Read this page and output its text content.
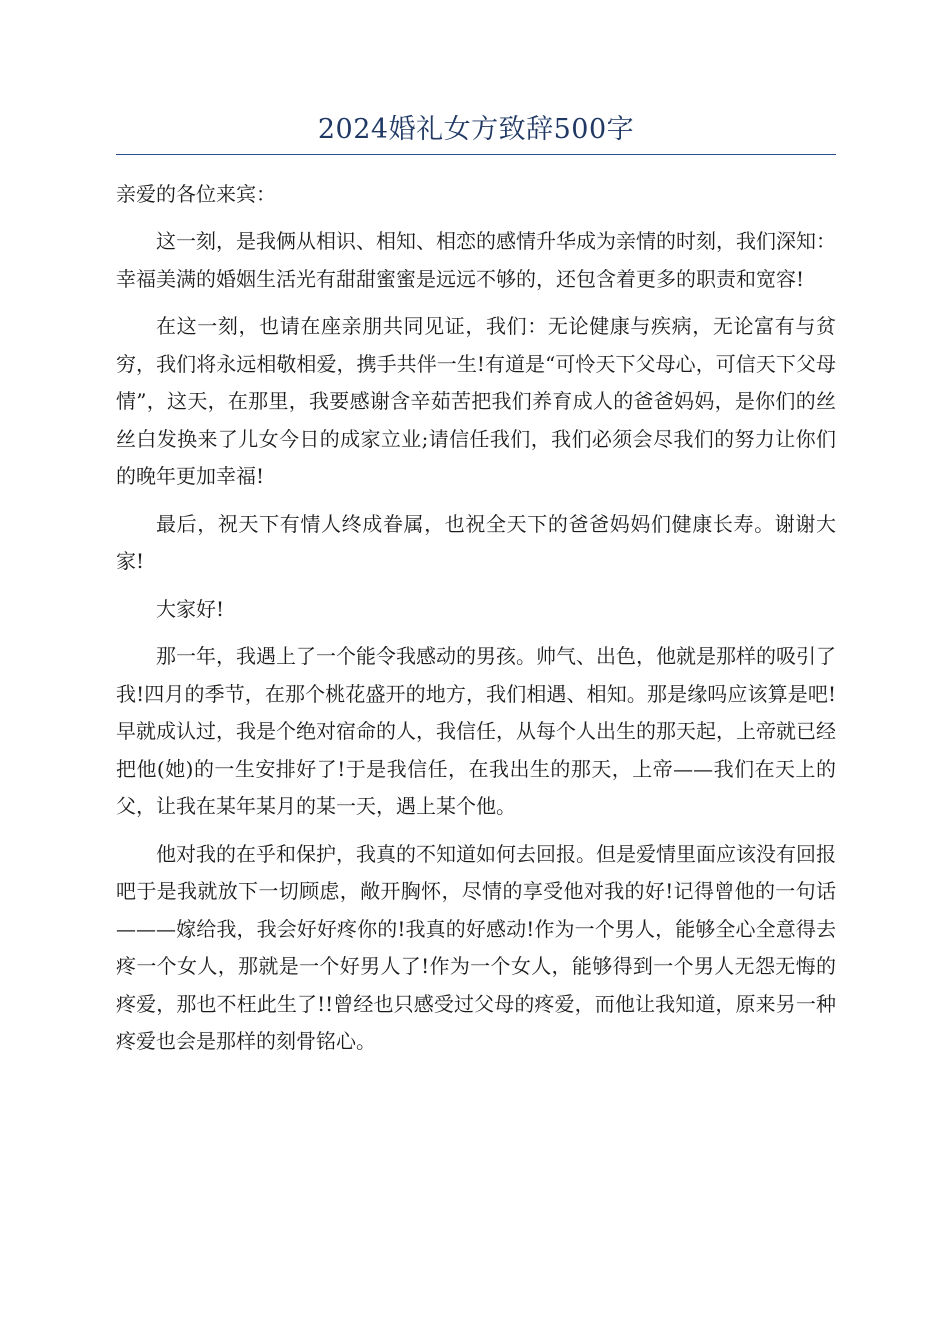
2024婚礼女方致辞500字

亲爱的各位来宾：

这一刻，是我俩从相识、相知、相恋的感情升华成为亲情的时刻，我们深知：幸福美满的婚姻生活光有甜甜蜜蜜是远远不够的，还包含着更多的职责和宽容!

在这一刻，也请在座亲朋共同见证，我们：无论健康与疾病，无论富有与贫穷，我们将永远相敬相爱，携手共伴一生!有道是“可怜天下父母心，可信天下父母情”，这天，在那里，我要感谢含辛茹苦把我们养育成人的爸爸妈妈，是你们的丝丝白发换来了儿女今日的成家立业;请信任我们，我们必须会尽我们的努力让你们的晚年更加幸福!

最后，祝天下有情人终成眷属，也祝全天下的爸爸妈妈们健康长寿。谢谢大家!

大家好!

那一年，我遇上了一个能令我感动的男孩。帅气、出色，他就是那样的吸引了我!四月的季节，在那个桃花盛开的地方，我们相遇、相知。那是缘吗应该算是吧!早就成认过，我是个绝对宿命的人，我信任，从每个人出生的那天起，上帝就已经把他(她)的一生安排好了!于是我信任，在我出生的那天，上帝——我们在天上的父，让我在某年某月的某一天，遇上某个他。

他对我的在乎和保护，我真的不知道如何去回报。但是爱情里面应该没有回报吧于是我就放下一切顾虑，敞开胸怀，尽情的享受他对我的好!记得曾他的一句话———嫁给我，我会好好疼你的!我真的好感动!作为一个男人，能够全心全意得去疼一个女人，那就是一个好男人了!作为一个女人，能够得到一个男人无怨无悔的疼爱，那也不枉此生了!!曾经也只感受过父母的疼爱，而他让我知道，原来另一种疼爱也会是那样的刻骨铭心。
